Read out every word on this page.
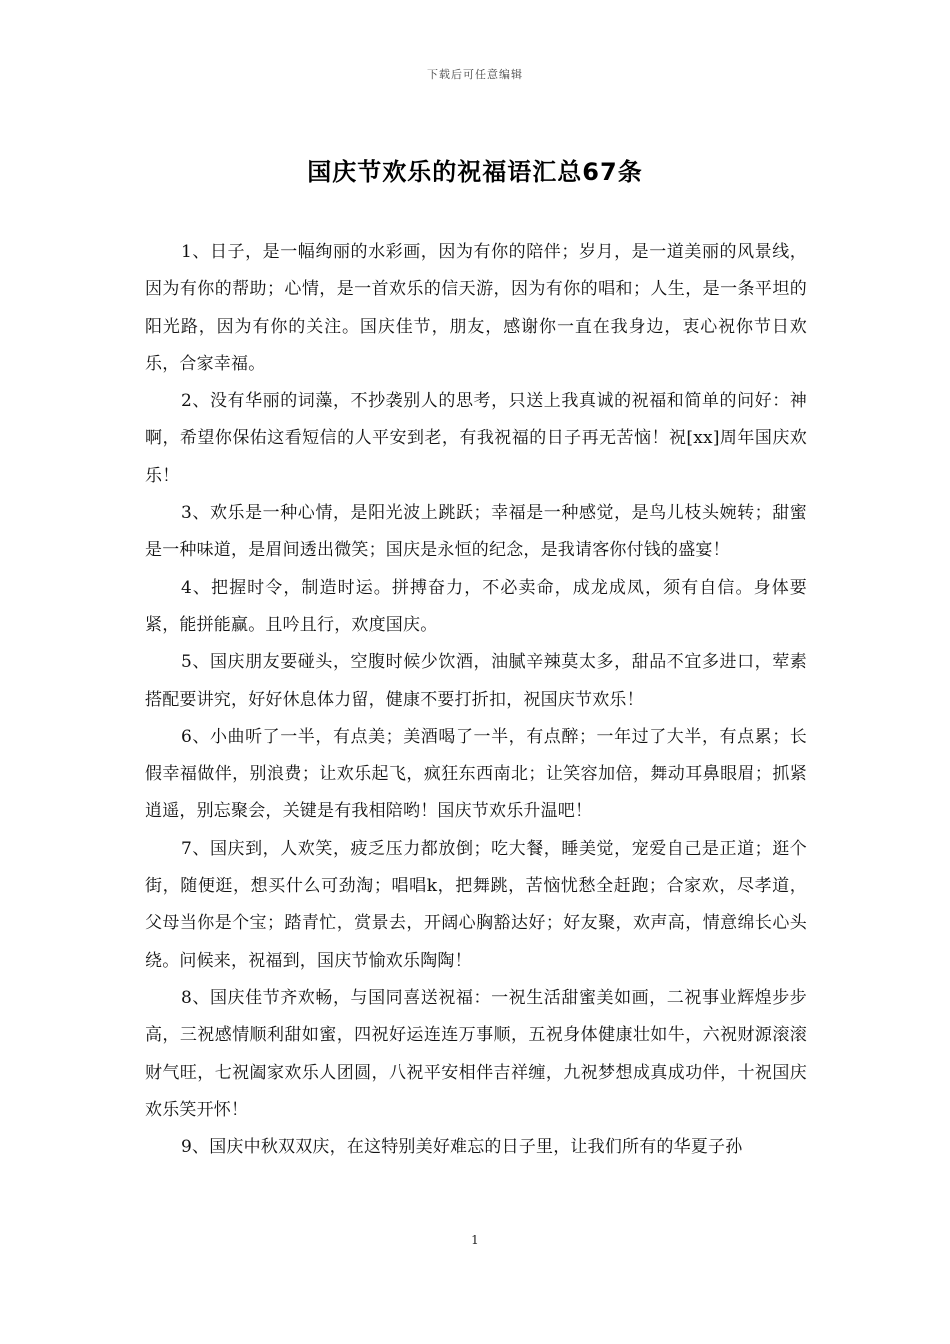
下载后可任意编辑
国庆节欢乐的祝福语汇总67条

1、日子，是一幅绚丽的水彩画，因为有你的陪伴；岁月，是一道美丽的风景线，因为有你的帮助；心情，是一首欢乐的信天游，因为有你的唱和；人生，是一条平坦的阳光路，因为有你的关注。国庆佳节，朋友，感谢你一直在我身边，衷心祝你节日欢乐，合家幸福。

2、没有华丽的词藻，不抄袭别人的思考，只送上我真诚的祝福和简单的问好：神啊，希望你保佑这看短信的人平安到老，有我祝福的日子再无苦恼！祝[xx]周年国庆欢乐！

3、欢乐是一种心情，是阳光波上跳跃；幸福是一种感觉，是鸟儿枝头婉转；甜蜜是一种味道，是眉间透出微笑；国庆是永恒的纪念，是我请客你付钱的盛宴！

4、把握时令，制造时运。拼搏奋力，不必卖命，成龙成凤，须有自信。身体要紧，能拼能赢。且吟且行，欢度国庆。

5、国庆朋友要碰头，空腹时候少饮酒，油腻辛辣莫太多，甜品不宜多进口，荤素搭配要讲究，好好休息体力留，健康不要打折扣，祝国庆节欢乐！

6、小曲听了一半，有点美；美酒喝了一半，有点醉；一年过了大半，有点累；长假幸福做伴，别浪费；让欢乐起飞，疯狂东西南北；让笑容加倍，舞动耳鼻眼眉；抓紧逍遥，别忘聚会，关键是有我相陪哟！国庆节欢乐升温吧！

7、国庆到，人欢笑，疲乏压力都放倒；吃大餐，睡美觉，宠爱自己是正道；逛个街，随便逛，想买什么可劲淘；唱唱k，把舞跳，苦恼忧愁全赶跑；合家欢，尽孝道，父母当你是个宝；踏青忙，赏景去，开阔心胸豁达好；好友聚，欢声高，情意绵长心头绕。问候来，祝福到，国庆节愉欢乐陶陶！

8、国庆佳节齐欢畅，与国同喜送祝福：一祝生活甜蜜美如画，二祝事业辉煌步步高，三祝感情顺利甜如蜜，四祝好运连连万事顺，五祝身体健康壮如牛，六祝财源滚滚财气旺，七祝阖家欢乐人团圆，八祝平安相伴吉祥缠，九祝梦想成真成功伴，十祝国庆欢乐笑开怀！

9、国庆中秋双双庆，在这特别美好难忘的日子里，让我们所有的华夏子孙

1
